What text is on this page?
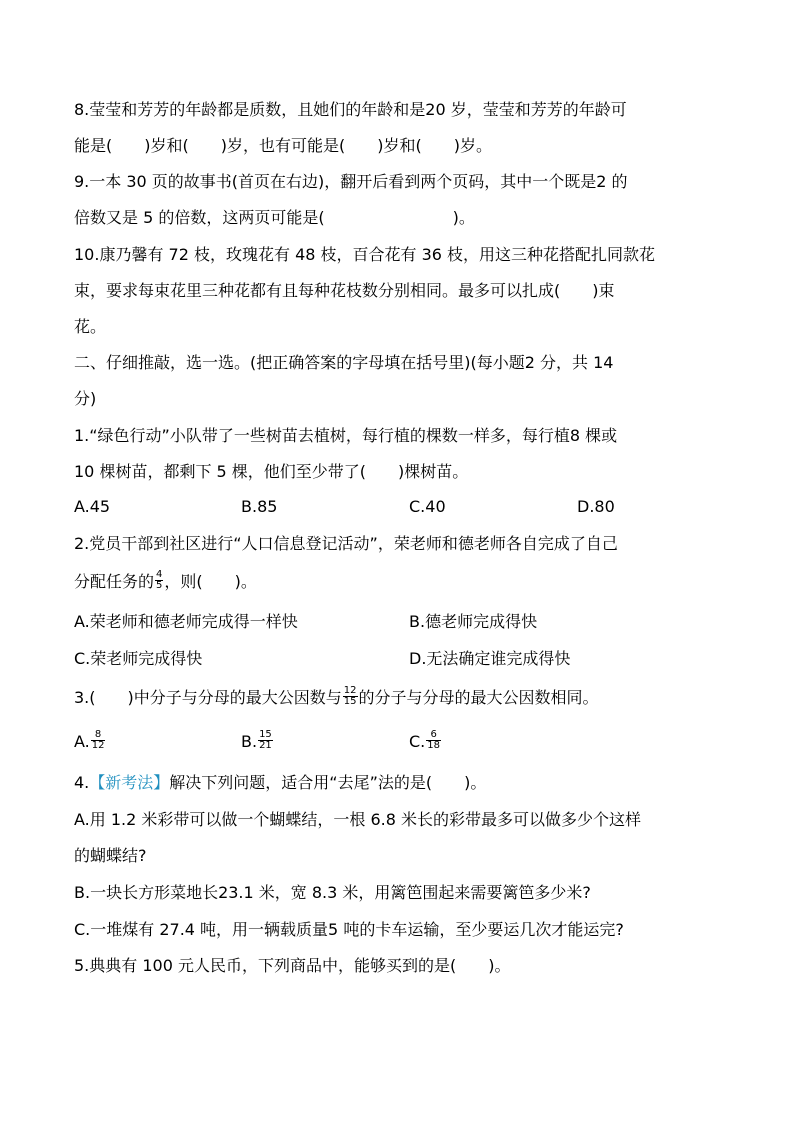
8.莹莹和芳芳的年龄都是质数，且她们的年龄和是20 岁，莹莹和芳芳的年龄可
能是(　　)岁和(　　)岁，也有可能是(　　)岁和(　　)岁。
9.一本 30 页的故事书(首页在右边)，翻开后看到两个页码，其中一个既是2 的
倍数又是 5 的倍数，这两页可能是(　　　　　　　　)。
10.康乃馨有 72 枝，玫瑰花有 48 枝，百合花有 36 枝，用这三种花搭配扎同款花
束，要求每束花里三种花都有且每种花枝数分别相同。最多可以扎成(　　)束
花。
二、仔细推敲，选一选。(把正确答案的字母填在括号里)(每小题2 分，共 14
分)
1.“绿色行动”小队带了一些树苗去植树，每行植的棵数一样多，每行植8 棵或
10 棵树苗，都剩下 5 棵，他们至少带了(　　)棵树苗。
A.45	B.85	C.40	D.80
2.党员干部到社区进行“人口信息登记活动”，荣老师和德老师各自完成了自己
分配任务的 $\frac{4}{5}$ ，则(　　)。
A.荣老师和德老师完成得一样快	B.德老师完成得快
C.荣老师完成得快	D.无法确定谁完成得快
3.(　　)中分子与分母的最大公因数与 $\frac{12}{15}$ 的分子与分母的最大公因数相同。
A. $\frac{8}{12}$	B. $\frac{15}{21}$	C. $\frac{6}{18}$
4.【新考法】解决下列问题，适合用“去尾”法的是(　　)。
A.用 1.2 米彩带可以做一个蝴蝶结，一根 6.8 米长的彩带最多可以做多少个这样
的蝴蝶结?
B.一块长方形菜地长23.1 米，宽 8.3 米，用篱笆围起来需要篱笆多少米?
C.一堆煤有 27.4 吨，用一辆载质量5 吨的卡车运输，至少要运几次才能运完?
5.典典有 100 元人民币，下列商品中，能够买到的是(　　)。
